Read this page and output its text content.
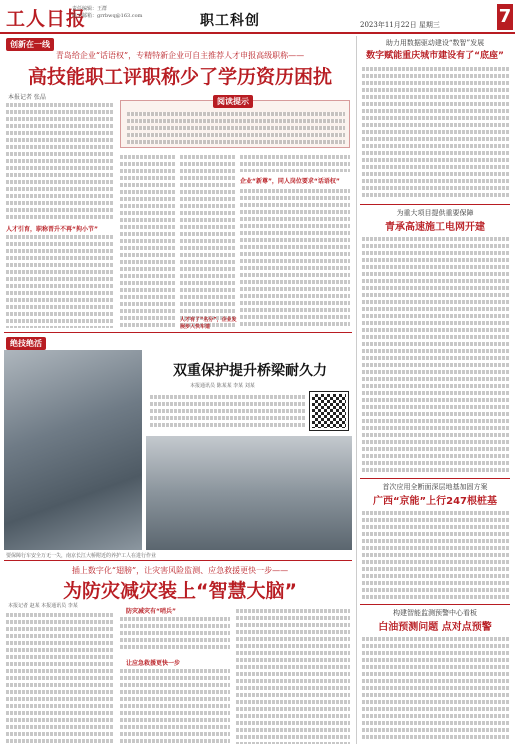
工人日报
责任编辑：王群
电子邮箱：grrbwq@163.com	职工科创	2023年11月22日 星期三	7
创新在一线
青岛给企业“话语权”，专精特新企业可自主推荐人才申报高级职称——
高技能职工评职称少了学历资历困扰
本报记者 张晶	阅读提示
人才引育，职称晋升不再“拘小节”
人才有了“名分”，企业发展步入快车道
企业“新尊”，同人岗位要求“话语权”
绝技绝活
双重保护提升桥梁耐久力
本报通讯员 陈某某 李某 刘某
要保障行车安全万无一失，南京长江大桥附近的养护工人在进行作业
插上数字化“翅膀”，让灾害风险监测、应急救援更快一步——
为防灾减灾装上“智慧大脑”
本报记者 赵某 本报通讯员 李某
防灾减灾有“哨兵”
让应急救援更快一步
助力用数据驱动建设“数智”发展
数字赋能重庆城市建设有了“底座”
为重大项目提供重要保障
青承高速施工电网开建
首次应用全断面深层地基加固方案
广西“京能”上行247根桩基
构建智能监测预警中心看板
白油预测问题 点对点预警
